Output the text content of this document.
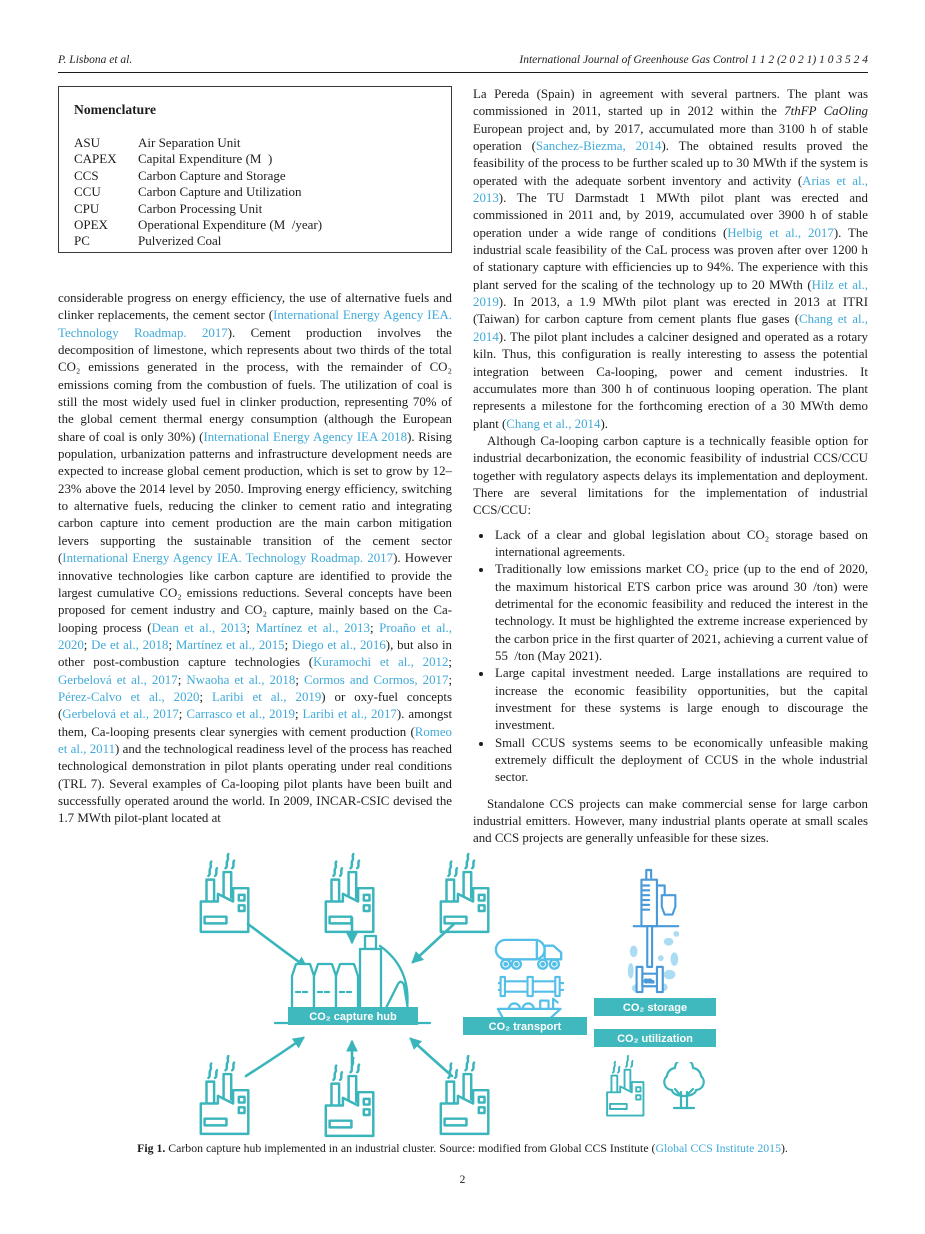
P. Lisbona et al.	International Journal of Greenhouse Gas Control 1 1 2 (2 0 2 1) 1 0 3 5 2 4
Nomenclature
ASU	Air Separation Unit
CAPEX	Capital Expenditure (M )
CCS	Carbon Capture and Storage
CCU	Carbon Capture and Utilization
CPU	Carbon Processing Unit
OPEX	Operational Expenditure (M /year)
PC	Pulverized Coal

considerable progress on energy efficiency, the use of alternative fuels and clinker replacements, the cement sector (International Energy Agency IEA. Technology Roadmap. 2017). Cement production involves the decomposition of limestone, which represents about two thirds of the total CO₂ emissions generated in the process, with the remainder of CO₂ emissions coming from the combustion of fuels. The utilization of coal is still the most widely used fuel in clinker production, representing 70% of the global cement thermal energy consumption (although the European share of coal is only 30%) (International Energy Agency IEA 2018). Rising population, urbanization patterns and infrastructure development needs are expected to increase global cement production, which is set to grow by 12–23% above the 2014 level by 2050. Improving energy efficiency, switching to alternative fuels, reducing the clinker to cement ratio and integrating carbon capture into cement production are the main carbon mitigation levers supporting the sustainable transition of the cement sector (International Energy Agency IEA. Technology Roadmap. 2017). However innovative technologies like carbon capture are identified to provide the largest cumulative CO₂ emissions reductions. Several concepts have been proposed for cement industry and CO₂ capture, mainly based on the Ca-looping process (Dean et al., 2013; Martínez et al., 2013; Proaño et al., 2020; De et al., 2018; Martínez et al., 2015; Diego et al., 2016), but also in other post-combustion capture technologies (Kuramochi et al., 2012; Gerbelová et al., 2017; Nwaoha et al., 2018; Cormos and Cormos, 2017; Pérez-Calvo et al., 2020; Laribi et al., 2019) or oxy-fuel concepts (Gerbelová et al., 2017; Carrasco et al., 2019; Laribi et al., 2017). amongst them, Ca-looping presents clear synergies with cement production (Romeo et al., 2011) and the technological readiness level of the process has reached technological demonstration in pilot plants operating under real conditions (TRL 7). Several examples of Ca-looping pilot plants have been built and successfully operated around the world. In 2009, INCAR-CSIC devised the 1.7 MWth pilot-plant located at

La Pereda (Spain) in agreement with several partners. The plant was commissioned in 2011, started up in 2012 within the 7thFP CaOling European project and, by 2017, accumulated more than 3100 h of stable operation (Sanchez-Biezma, 2014). The obtained results proved the feasibility of the process to be further scaled up to 30 MWth if the system is operated with the adequate sorbent inventory and activity (Arias et al., 2013). The TU Darmstadt 1 MWth pilot plant was erected and commissioned in 2011 and, by 2019, accumulated over 3900 h of stable operation under a wide range of conditions (Helbig et al., 2017). The industrial scale feasibility of the CaL process was proven after over 1200 h of stationary capture with efficiencies up to 94%. The experience with this plant served for the scaling of the technology up to 20 MWth (Hilz et al., 2019). In 2013, a 1.9 MWth pilot plant was erected in 2013 at ITRI (Taiwan) for carbon capture from cement plants flue gases (Chang et al., 2014). The pilot plant includes a calciner designed and operated as a rotary kiln. Thus, this configuration is really interesting to assess the potential integration between Ca-looping, power and cement industries. It accumulates more than 300 h of continuous looping operation. The plant represents a milestone for the forthcoming erection of a 30 MWth demo plant (Chang et al., 2014).

Although Ca-looping carbon capture is a technically feasible option for industrial decarbonization, the economic feasibility of industrial CCS/CCU together with regulatory aspects delays its implementation and deployment. There are several limitations for the implementation of industrial CCS/CCU:

• Lack of a clear and global legislation about CO₂ storage based on international agreements.
• Traditionally low emissions market CO₂ price (up to the end of 2020, the maximum historical ETS carbon price was around 30 /ton) were detrimental for the economic feasibility and reduced the interest in the technology. It must be highlighted the extreme increase experienced by the carbon price in the first quarter of 2021, achieving a current value of 55 /ton (May 2021).
• Large capital investment needed. Large installations are required to increase the economic feasibility opportunities, but the capital investment for these systems is large enough to discourage the investment.
• Small CCUS systems seems to be economically unfeasible making extremely difficult the deployment of CCUS in the whole industrial sector.

Standalone CCS projects can make commercial sense for large carbon industrial emitters. However, many industrial plants operate at small scales and CCS projects are generally unfeasible for these sizes.

CO₂ capture hub
CO₂ transport
CO₂ storage
CO₂ utilization
Fig 1. Carbon capture hub implemented in an industrial cluster. Source: modified from Global CCS Institute (Global CCS Institute 2015).
2
